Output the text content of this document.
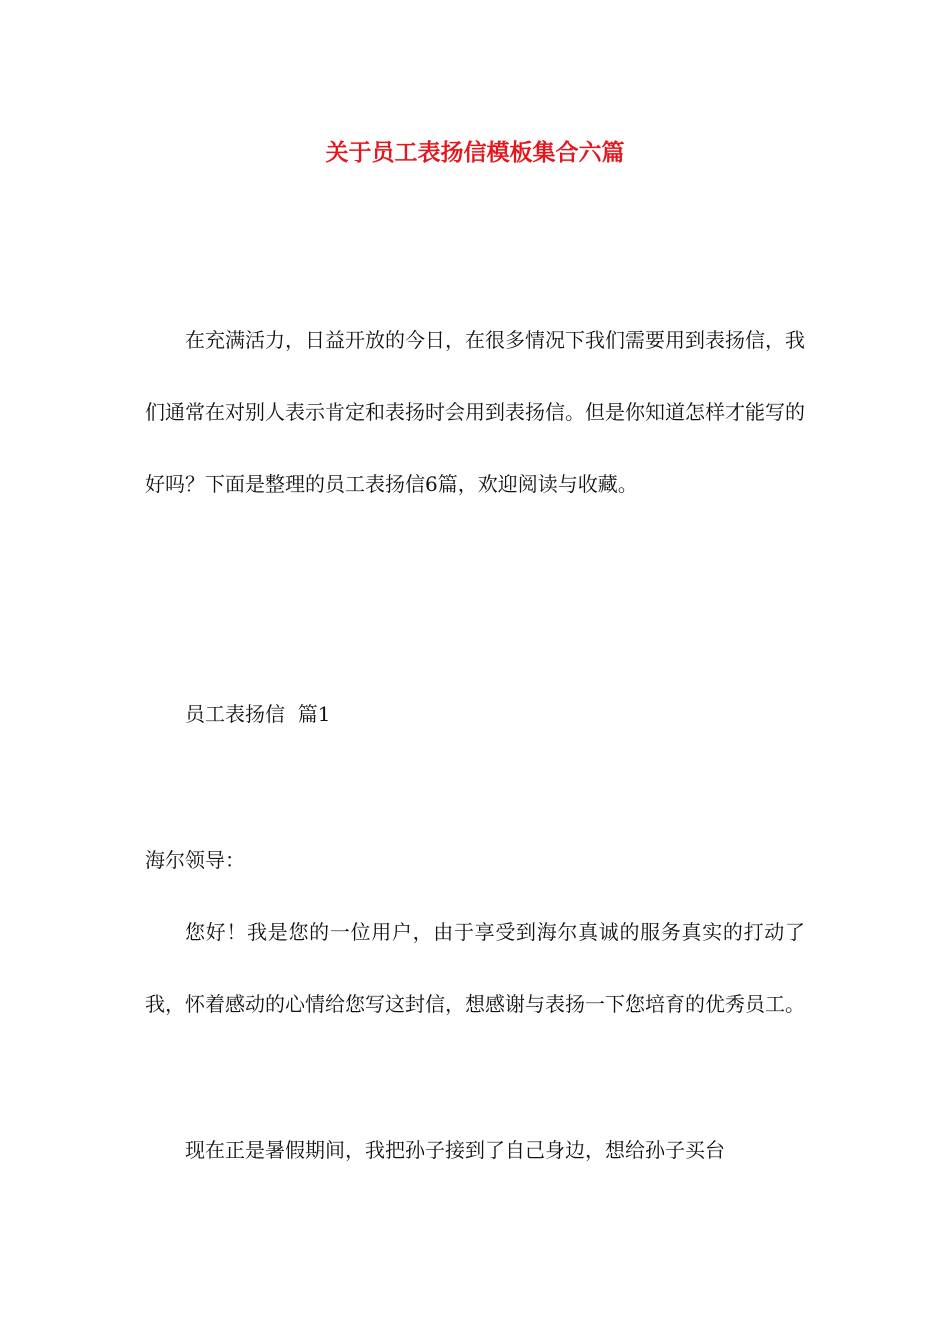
关于员工表扬信模板集合六篇

在充满活力，日益开放的今日，在很多情况下我们需要用到表扬信，我们通常在对别人表示肯定和表扬时会用到表扬信。但是你知道怎样才能写的好吗？下面是整理的员工表扬信6篇，欢迎阅读与收藏。

员工表扬信  篇1

海尔领导：

您好！我是您的一位用户，由于享受到海尔真诚的服务真实的打动了我，怀着感动的心情给您写这封信，想感谢与表扬一下您培育的优秀员工。

现在正是暑假期间，我把孙子接到了自己身边，想给孙子买台
